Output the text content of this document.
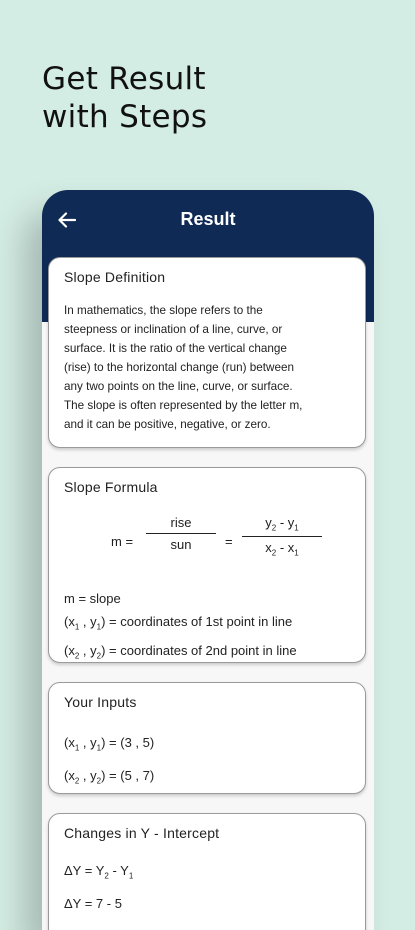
Get Result
with Steps
Result
Slope Definition
In mathematics, the slope refers to the
steepness or inclination of a line, curve, or
surface. It is the ratio of the vertical change
(rise) to the horizontal change (run) between
any two points on the line, curve, or surface.
The slope is often represented by the letter m,
and it can be positive, negative, or zero.
Slope Formula
m =
rise
sun	=
$y_2 - y_1$
$x_2 - x_1$
m = slope
($x_1$ , $y_1$) = coordinates of 1st point in line
($x_2$ , $y_2$) = coordinates of 2nd point in line
Your Inputs
($x_1$ , $y_1) = (3$ , 5)
($x_2$ , $y_2) = (5$ , 7)
Changes in Y - Intercept
$\Delta Y = Y_2 - Y_1$
ΔY = 7 - 5
